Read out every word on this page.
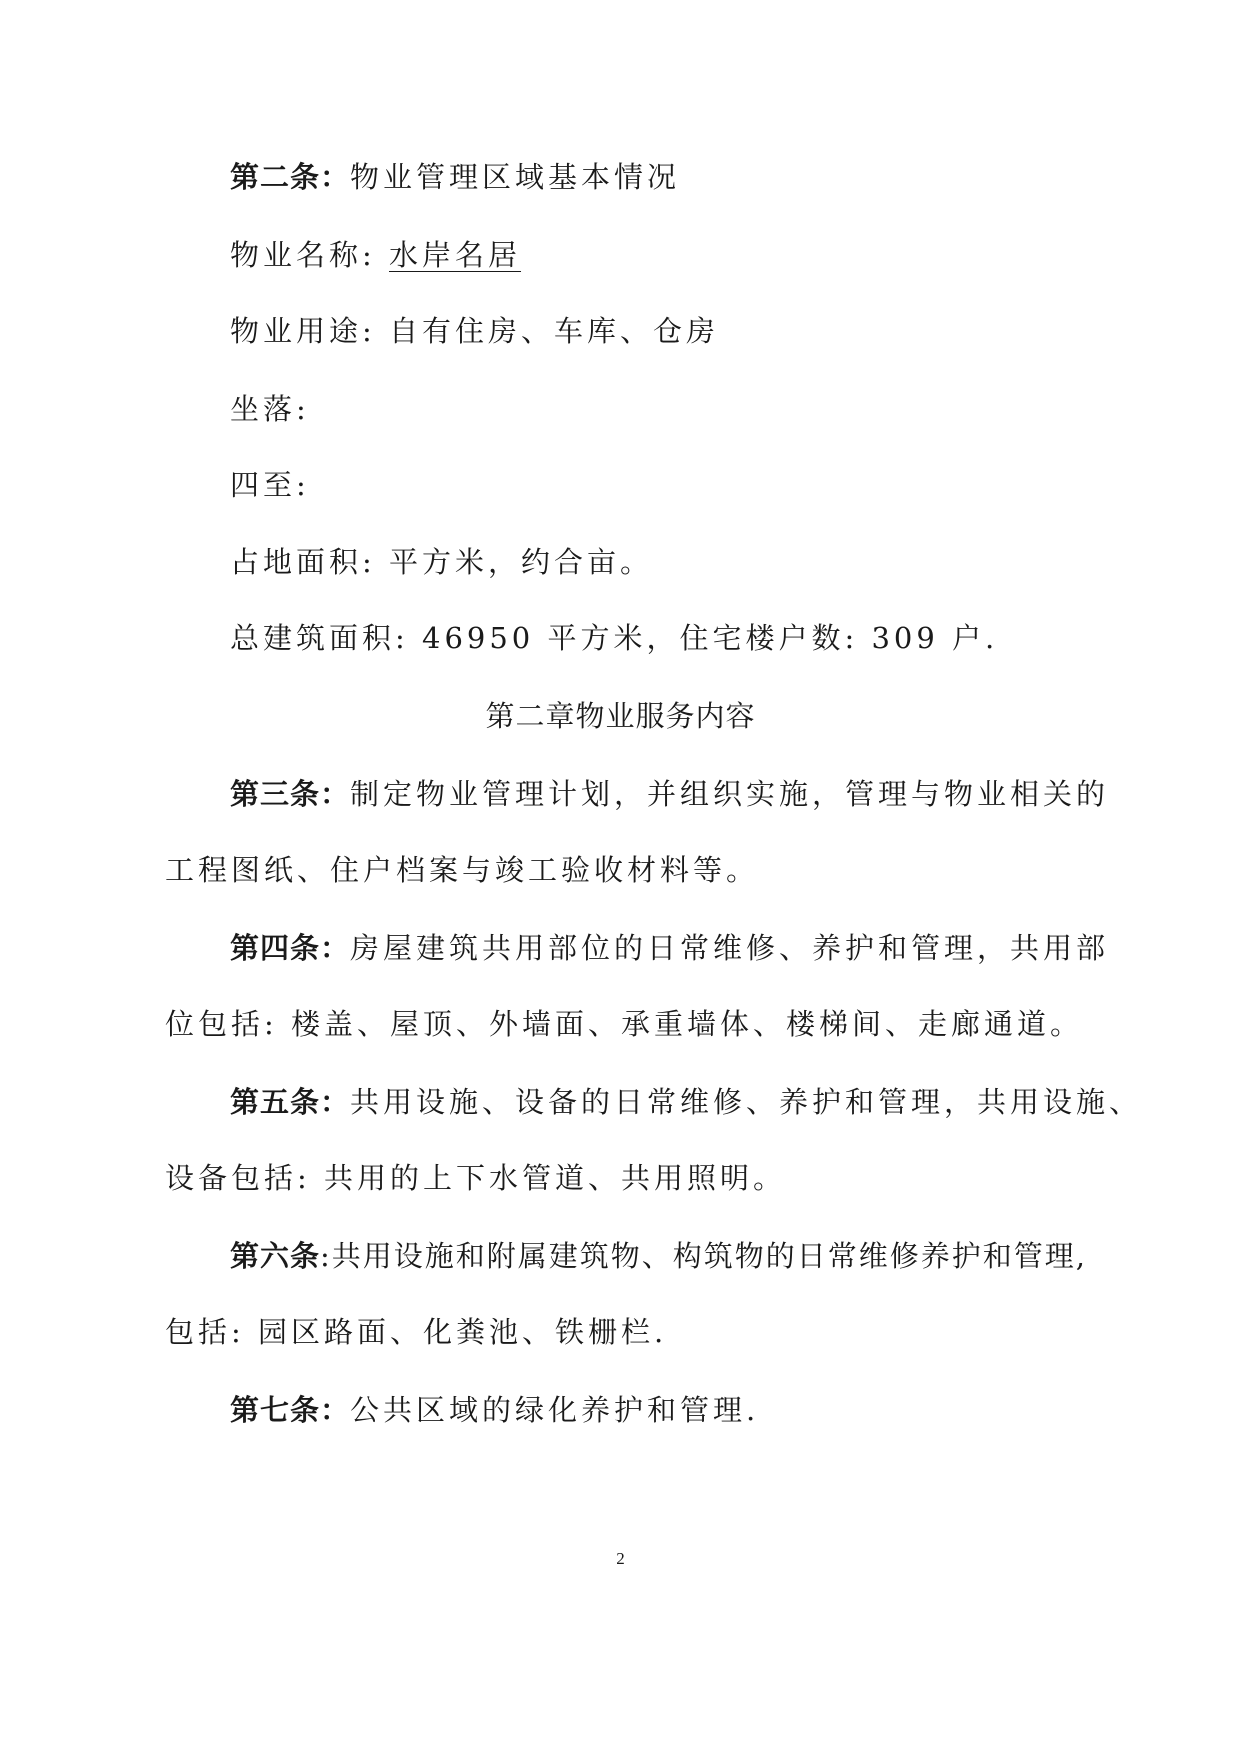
第二条：物业管理区域基本情况
物业名称: 水岸名居
物业用途: 自有住房、车库、仓房
坐落:
四至:
占地面积: 平方米，约合亩。
总建筑面积: 46950 平方米，住宅楼户数: 309 户.
第二章物业服务内容
第三条：制定物业管理计划，并组织实施，管理与物业相关的
工程图纸、住户档案与竣工验收材料等。
第四条：房屋建筑共用部位的日常维修、养护和管理，共用部
位包括: 楼盖、屋顶、外墙面、承重墙体、楼梯间、走廊通道。
第五条：共用设施、设备的日常维修、养护和管理，共用设施、
设备包括: 共用的上下水管道、共用照明。
第六条:共用设施和附属建筑物、构筑物的日常维修养护和管理,
包括: 园区路面、化粪池、铁栅栏.
第七条：公共区域的绿化养护和管理.
2
